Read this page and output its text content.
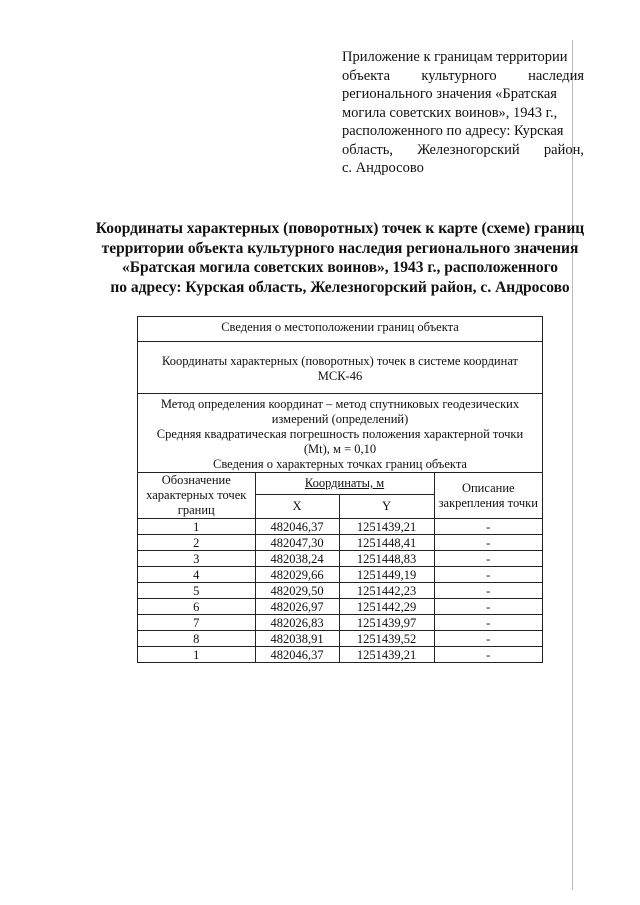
Приложение к границам территории
объекта культурного наследия
регионального значения «Братская
могила советских воинов», 1943 г.,
расположенного по адресу: Курская
область, Железногорский район,
с. Андросово
Координаты характерных (поворотных) точек к карте (схеме) границ
территории объекта культурного наследия регионального значения
«Братская могила советских воинов», 1943 г., расположенного
по адресу: Курская область, Железногорский район, с. Андросово
Сведения о местоположении границ объекта
Координаты характерных (поворотных) точек в системе координат МСК-46
Метод определения координат – метод спутниковых геодезических измерений (определений)
Средняя квадратическая погрешность положения характерной точки (Mt), м = 0,10
Сведения о характерных точках границ объекта
Обозначение характерных точек границ	Координаты, м		Описание закрепления точки
	X	Y	
1	482046,37	1251439,21	-
2	482047,30	1251448,41	-
3	482038,24	1251448,83	-
4	482029,66	1251449,19	-
5	482029,50	1251442,23	-
6	482026,97	1251442,29	-
7	482026,83	1251439,97	-
8	482038,91	1251439,52	-
1	482046,37	1251439,21	-
